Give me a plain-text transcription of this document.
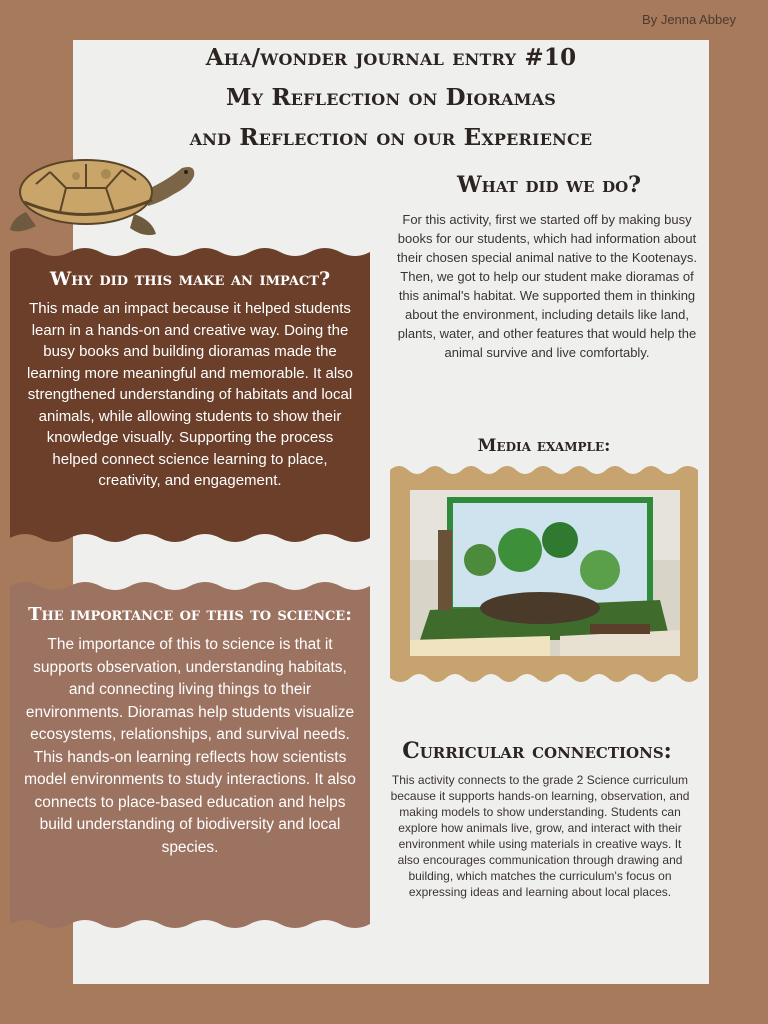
By Jenna Abbey
Aha/wonder journal entry #10
My Reflection on Dioramas
and Reflection on our Experience
What did we do?
For this activity, first we started off by making busy books for our students, which had information about their chosen special animal native to the Kootenays. Then, we got to help our student make dioramas of this animal's habitat. We supported them in thinking about the environment, including details like land, plants, water, and other features that would help the animal survive and live comfortably.
Why did this make an impact?
This made an impact because it helped students learn in a hands-on and creative way. Doing the busy books and building dioramas made the learning more meaningful and memorable. It also strengthened understanding of habitats and local animals, while allowing students to show their knowledge visually. Supporting the process helped connect science learning to place, creativity, and engagement.
Media example:
The importance of this to science:
The importance of this to science is that it supports observation, understanding habitats, and connecting living things to their environments. Dioramas help students visualize ecosystems, relationships, and survival needs. This hands-on learning reflects how scientists model environments to study interactions. It also connects to place-based education and helps build understanding of biodiversity and local species.
Curricular connections:
This activity connects to the grade 2 Science curriculum because it supports hands-on learning, observation, and making models to show understanding. Students can explore how animals live, grow, and interact with their environment while using materials in creative ways. It also encourages communication through drawing and building, which matches the curriculum's focus on expressing ideas and learning about local places.
